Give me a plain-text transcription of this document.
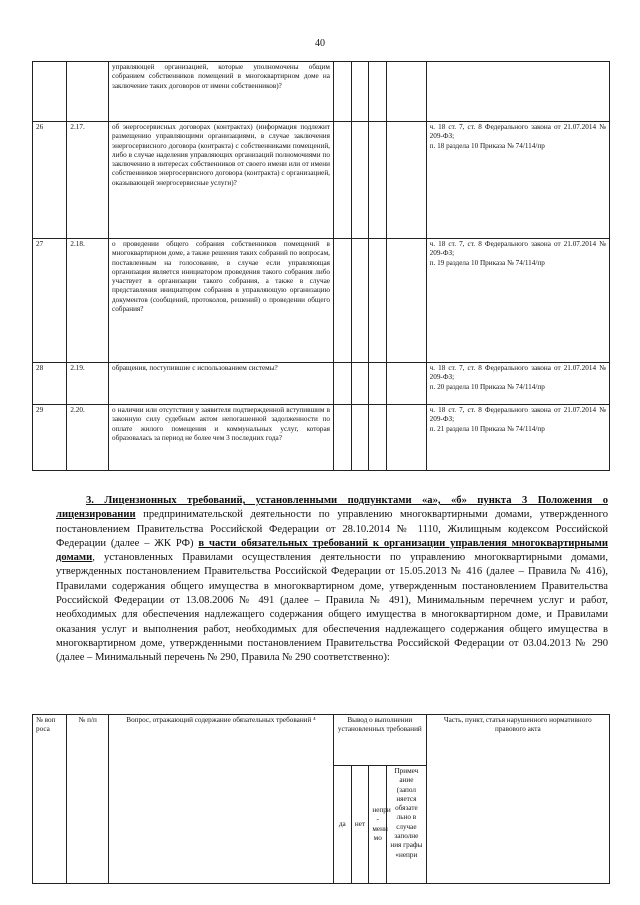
40
		управляющей организацией, которые уполномочены общим собранием собственников помещений в многоквартирном доме на заключение таких договоров от имени собственников)?					
26	2.17.	об энергосервисных договорах (контрактах) (информация подлежит размещению управляющими организациями, в случае заключения энергосервисного договора (контракта) с собственниками помещений, либо в случае наделения управляющих организаций полномочиями по заключению в интересах собственников от своего имени или от имени собственников энергосервисного договора (контракта) с организацией, оказывающей энергосервисные услуги)?					ч. 18 ст. 7, ст. 8 Федерального закона от 21.07.2014 № 209-ФЗ;
п. 18 раздела 10 Приказа № 74/114/пр

27	2.18.	о проведении общего собрания собственников помещений в многоквартирном доме, а также решения таких собраний по вопросам, поставленным на голосование, в случае если управляющая организация является инициатором проведения такого собрания либо участвует в организации такого собрания, а также в случае представления инициатором собрания в управляющую организацию документов (сообщений, протоколов, решений) о проведении общего собрания?					ч. 18 ст. 7, ст. 8 Федерального закона от 21.07.2014 № 209-ФЗ;
п. 19 раздела 10 Приказа № 74/114/пр

28	2.19.	обращения, поступившие с использованием системы?					ч. 18 ст. 7, ст. 8 Федерального закона от 21.07.2014 № 209-ФЗ;
п. 20 раздела 10 Приказа № 74/114/пр

29	2.20.	о наличии или отсутствии у заявителя подтвержденной вступившим в законную силу судебным актом непогашенной задолженности по оплате жилого помещения и коммунальных услуг, которая образовалась за период не более чем 3 последних года?					ч. 18 ст. 7, ст. 8 Федерального закона от 21.07.2014 № 209-ФЗ;
п. 21 раздела 10 Приказа № 74/114/пр
3. Лицензионных требований, установленными подпунктами «а», «б» пункта 3 Положения о лицензировании предпринимательской деятельности по управлению многоквартирными домами, утвержденного постановлением Правительства Российской Федерации от 28.10.2014 № 1110, Жилищным кодексом Российской Федерации (далее – ЖК РФ) в части обязательных требований к организации управления многоквартирными домами, установленных Правилами осуществления деятельности по управлению многоквартирными домами, утвержденных постановлением Правительства Российской Федерации от 15.05.2013 № 416 (далее – Правила № 416), Правилами содержания общего имущества в многоквартирном доме, утвержденным постановлением Правительства Российской Федерации от 13.08.2006 № 491 (далее – Правила № 491), Минимальным перечнем услуг и работ, необходимых для обеспечения надлежащего содержания общего имущества в многоквартирном доме, и Правилами оказания услуг и выполнения работ, необходимых для обеспечения надлежащего содержания общего имущества в многоквартирном доме, утвержденными постановлением Правительства Российской Федерации от 03.04.2013 № 290 (далее – Минимальный перечень № 290, Правила № 290 соответственно):
№ воп роса	№ п/п	Вопрос, отражающий содержание обязательных требований ⁴	Вывод о выполнении установленных требований				Часть, пункт, статья нарушенного нормативного правового акта
			да	нет	непри - мени мо	Примеч ание (запол няется обязате льно в случае заполне ния графы «непри	
